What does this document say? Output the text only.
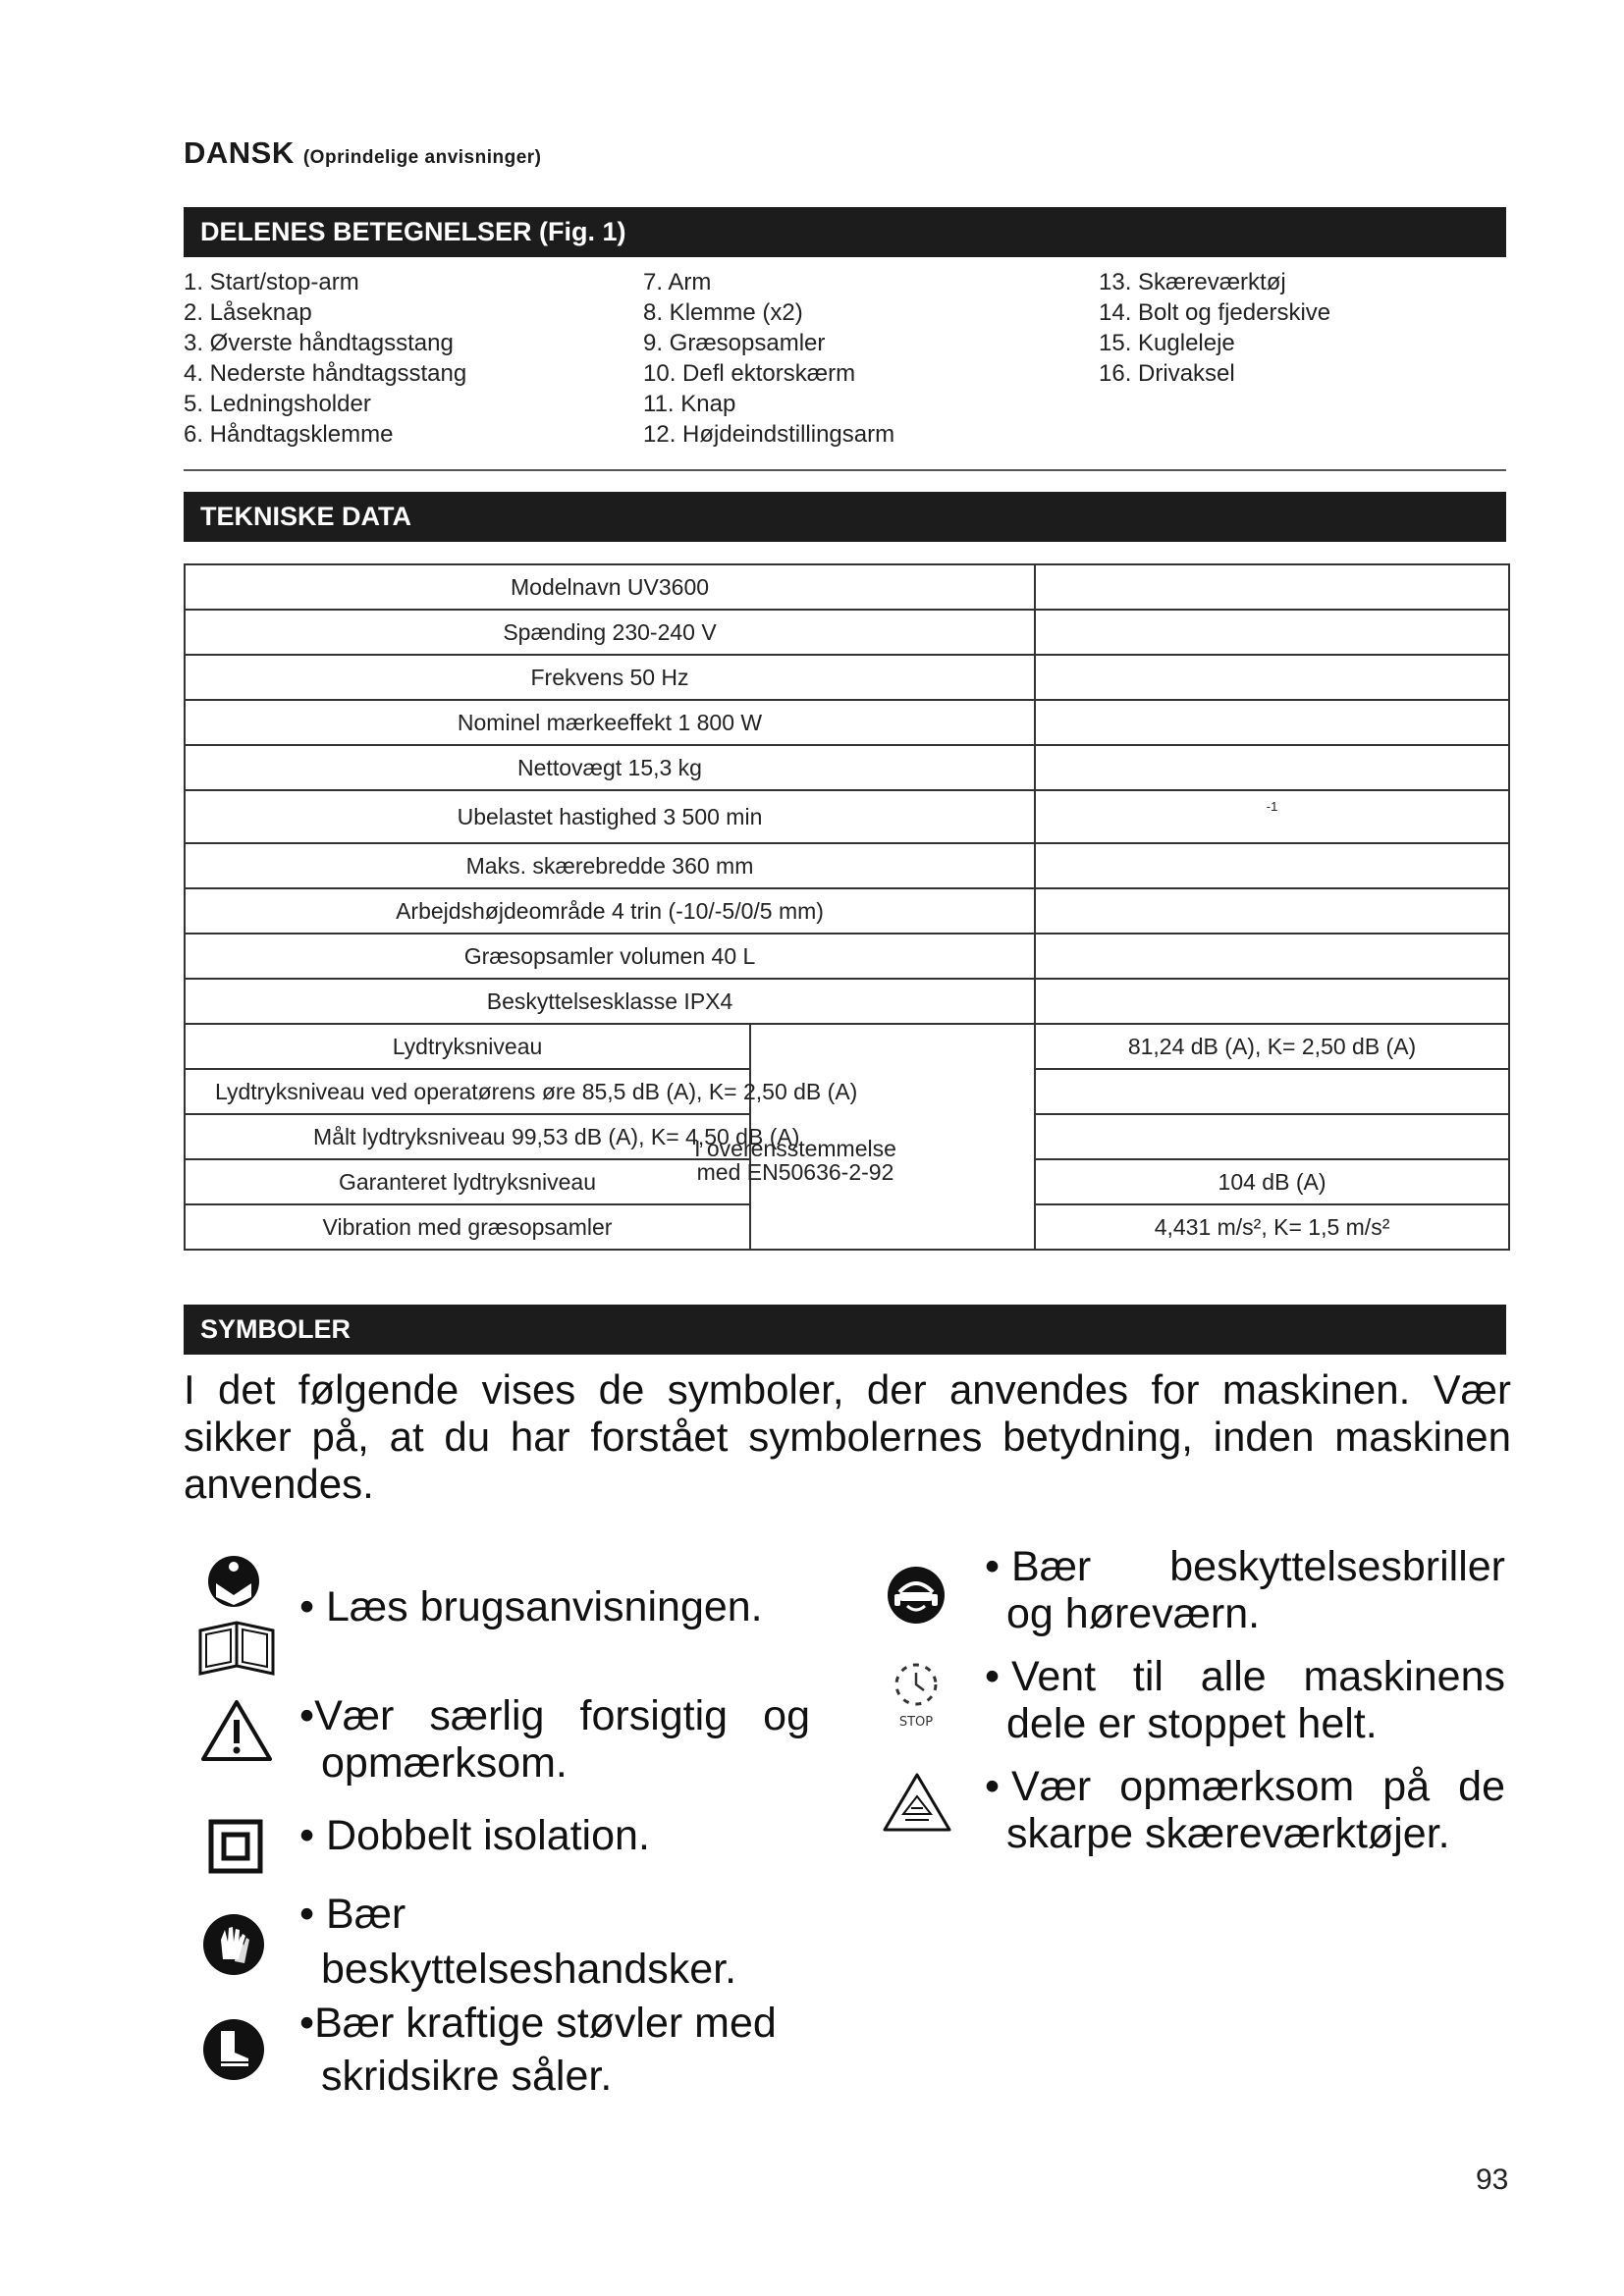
DANSK (Oprindelige anvisninger)
DELENES BETEGNELSER (Fig. 1)
1. Start/stop-arm
2. Låseknap
3. Øverste håndtagsstang
4. Nederste håndtagsstang
5. Ledningsholder
6. Håndtagsklemme
7. Arm
8. Klemme (x2)
9. Græsopsamler
10. Defl ektorskærm
11. Knap
12. Højdeindstillingsarm
13. Skæreværktøj
14. Bolt og fjederskive
15. Kugleleje
16. Drivaksel
TEKNISKE DATA
Modelnavn UV3600		
Spænding 230-240 V		
Frekvens 50 Hz		
Nominel mærkeeffekt 1 800 W		
Nettovægt 15,3 kg		
Ubelastet hastighed 3 500 min		-1
Maks. skærebredde 360 mm		
Arbejdshøjdeområde 4 trin (-10/-5/0/5 mm)		
Græsopsamler volumen 40 L		
Beskyttelsesklasse IPX4		
Lydtryksniveau		81,24 dB (A), K= 2,50 dB (A)
Lydtryksniveau ved operatørens øre 85,5 dB (A), K= 2,50 dB (A)		
Målt lydtryksniveau 99,53 dB (A), K= 4,50 dB (A)		
Garanteret lydtryksniveau		104 dB (A)
Vibration med græsopsamler		4,431 m/s², K= 1,5 m/s²
I overensstemmelse
med EN50636-2-92
SYMBOLER
I det følgende vises de symboler, der anvendes for maskinen. Vær sikker på, at du har forstået symbolernes betydning, inden maskinen anvendes.
• Læs brugsanvisningen.
• Vær særlig forsigtig og
opmærksom.
• Dobbelt isolation.
• Bær
beskyttelseshandsker.
• Bær kraftige støvler med
skridsikre såler.
STOP
• Bær beskyttelsesbriller
og høreværn.
• Vent til alle maskinens
dele er stoppet helt.
• Vær opmærksom på de
skarpe skæreværktøjer.
93
